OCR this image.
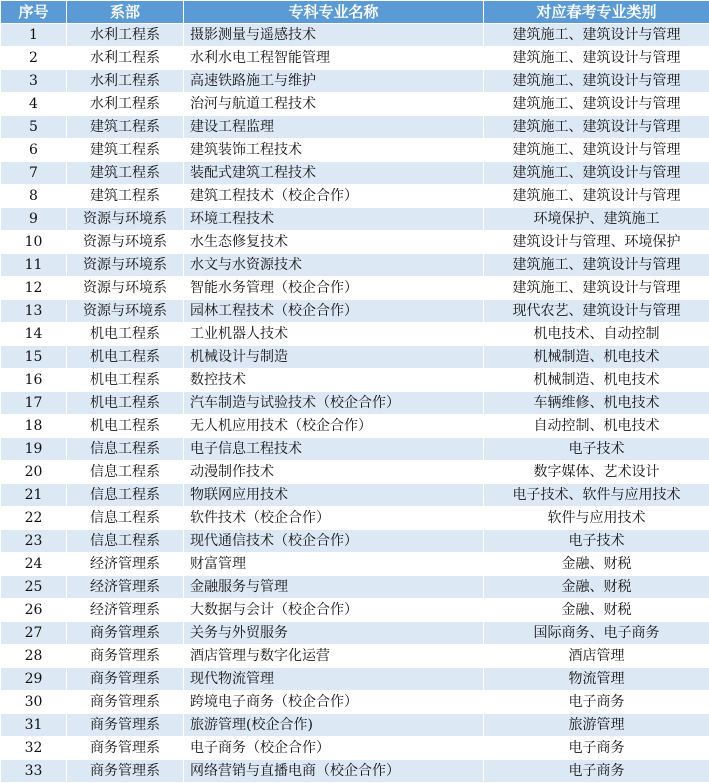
序号	系部	专科专业名称	对应春考专业类别
1	水利工程系	摄影测量与遥感技术	建筑施工、建筑设计与管理
2	水利工程系	水利水电工程智能管理	建筑施工、建筑设计与管理
3	水利工程系	高速铁路施工与维护	建筑施工、建筑设计与管理
4	水利工程系	治河与航道工程技术	建筑施工、建筑设计与管理
5	建筑工程系	建设工程监理	建筑施工、建筑设计与管理
6	建筑工程系	建筑装饰工程技术	建筑施工、建筑设计与管理
7	建筑工程系	装配式建筑工程技术	建筑施工、建筑设计与管理
8	建筑工程系	建筑工程技术（校企合作）	建筑施工、建筑设计与管理
9	资源与环境系	环境工程技术	环境保护、建筑施工
10	资源与环境系	水生态修复技术	建筑设计与管理、环境保护
11	资源与环境系	水文与水资源技术	建筑施工、建筑设计与管理
12	资源与环境系	智能水务管理（校企合作）	建筑施工、建筑设计与管理
13	资源与环境系	园林工程技术（校企合作）	现代农艺、建筑设计与管理
14	机电工程系	工业机器人技术	机电技术、自动控制
15	机电工程系	机械设计与制造	机械制造、机电技术
16	机电工程系	数控技术	机械制造、机电技术
17	机电工程系	汽车制造与试验技术（校企合作）	车辆维修、机电技术
18	机电工程系	无人机应用技术（校企合作）	自动控制、机电技术
19	信息工程系	电子信息工程技术	电子技术
20	信息工程系	动漫制作技术	数字媒体、艺术设计
21	信息工程系	物联网应用技术	电子技术、软件与应用技术
22	信息工程系	软件技术（校企合作）	软件与应用技术
23	信息工程系	现代通信技术（校企合作）	电子技术
24	经济管理系	财富管理	金融、财税
25	经济管理系	金融服务与管理	金融、财税
26	经济管理系	大数据与会计（校企合作）	金融、财税
27	商务管理系	关务与外贸服务	国际商务、电子商务
28	商务管理系	酒店管理与数字化运营	酒店管理
29	商务管理系	现代物流管理	物流管理
30	商务管理系	跨境电子商务（校企合作）	电子商务
31	商务管理系	旅游管理(校企合作)	旅游管理
32	商务管理系	电子商务（校企合作）	电子商务
33	商务管理系	网络营销与直播电商（校企合作）	电子商务
